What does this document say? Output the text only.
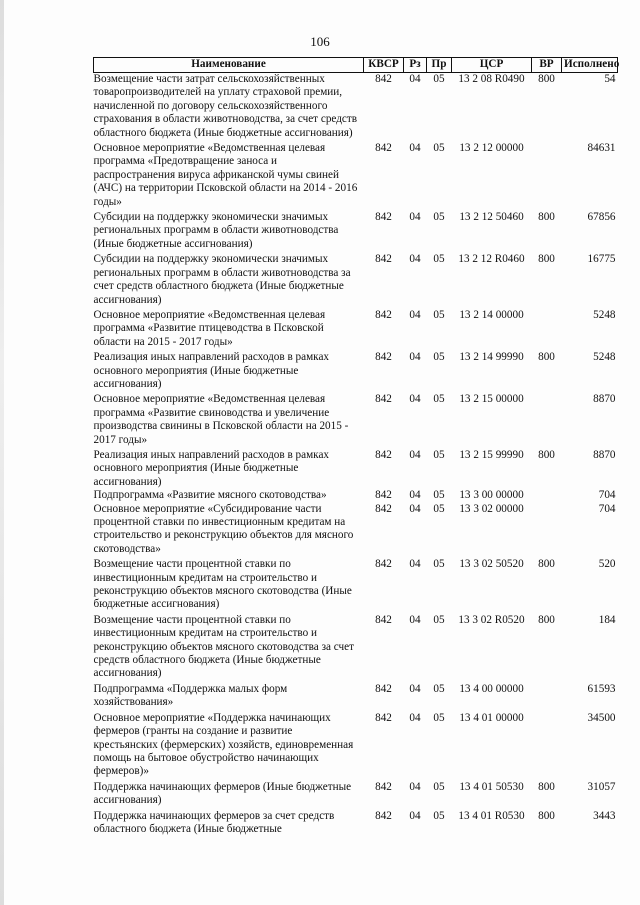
106
Наименование	КВСР	Рз	Пр	ЦСР	ВР	Исполнено
Возмещение части затрат сельскохозяйственных товаропроизводителей на уплату страховой премии, начисленной по договору сельскохозяйственного страхования в области животноводства, за счет средств областного бюджета (Иные бюджетные ассигнования)	842	04	05	13 2 08 R0490	800	54
Основное мероприятие «Ведомственная целевая программа «Предотвращение заноса и распространения вируса африканской чумы свиней (АЧС) на территории Псковской области на 2014 - 2016 годы»	842	04	05	13 2 12 00000		84631
Субсидии на поддержку экономически значимых региональных программ в области животноводства (Иные бюджетные ассигнования)	842	04	05	13 2 12 50460	800	67856
Субсидии на поддержку экономически значимых региональных программ в области животноводства за счет средств областного бюджета (Иные бюджетные ассигнования)	842	04	05	13 2 12 R0460	800	16775
Основное мероприятие «Ведомственная целевая программа «Развитие птицеводства в Псковской области на 2015 - 2017 годы»	842	04	05	13 2 14 00000		5248
Реализация иных направлений расходов в рамках основного мероприятия (Иные бюджетные ассигнования)	842	04	05	13 2 14 99990	800	5248
Основное мероприятие «Ведомственная целевая программа «Развитие свиноводства и увеличение производства свинины в Псковской области на 2015 - 2017 годы»	842	04	05	13 2 15 00000		8870
Реализация иных направлений расходов в рамках основного мероприятия (Иные бюджетные ассигнования)	842	04	05	13 2 15 99990	800	8870
Подпрограмма «Развитие мясного скотоводства»	842	04	05	13 3 00 00000		704
Основное мероприятие «Субсидирование части процентной ставки по инвестиционным кредитам на строительство и реконструкцию объектов для мясного скотоводства»	842	04	05	13 3 02 00000		704
Возмещение части процентной ставки по инвестиционным кредитам на строительство и реконструкцию объектов мясного скотоводства (Иные бюджетные ассигнования)	842	04	05	13 3 02 50520	800	520
Возмещение части процентной ставки по инвестиционным кредитам на строительство и реконструкцию объектов мясного скотоводства за счет средств областного бюджета (Иные бюджетные ассигнования)	842	04	05	13 3 02 R0520	800	184
Подпрограмма «Поддержка малых форм хозяйствования»	842	04	05	13 4 00 00000		61593
Основное мероприятие «Поддержка начинающих фермеров (гранты на создание и развитие крестьянских (фермерских) хозяйств, единовременная помощь на бытовое обустройство начинающих фермеров)»	842	04	05	13 4 01 00000		34500
Поддержка начинающих фермеров (Иные бюджетные ассигнования)	842	04	05	13 4 01 50530	800	31057
Поддержка начинающих фермеров за счет средств областного бюджета (Иные бюджетные	842	04	05	13 4 01 R0530	800	3443
